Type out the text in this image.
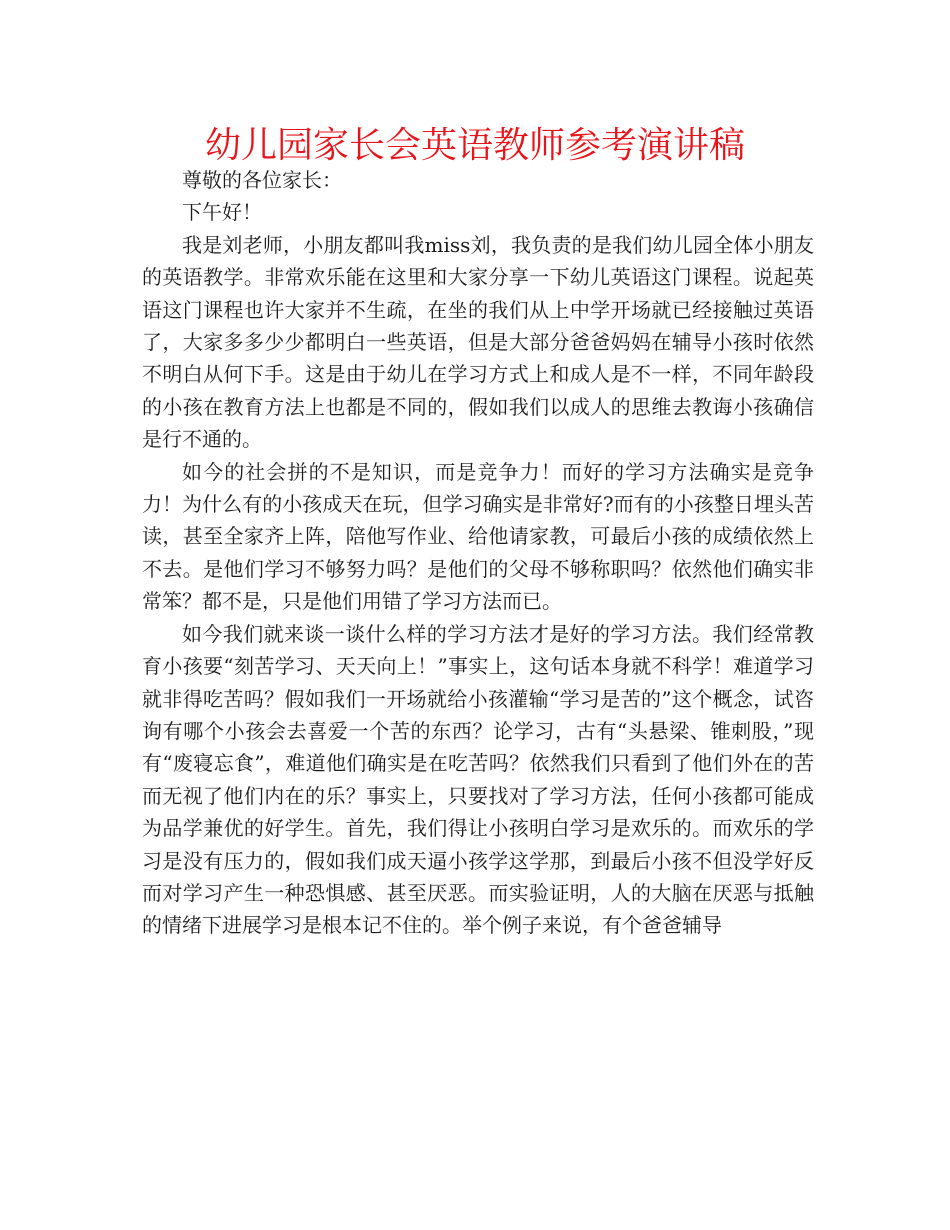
幼儿园家长会英语教师参考演讲稿

尊敬的各位家长：

下午好！

我是刘老师，小朋友都叫我miss刘，我负责的是我们幼儿园全体小朋友的英语教学。非常欢乐能在这里和大家分享一下幼儿英语这门课程。说起英语这门课程也许大家并不生疏，在坐的我们从上中学开场就已经接触过英语了，大家多多少少都明白一些英语，但是大部分爸爸妈妈在辅导小孩时依然不明白从何下手。这是由于幼儿在学习方式上和成人是不一样，不同年龄段的小孩在教育方法上也都是不同的，假如我们以成人的思维去教诲小孩确信是行不通的。

如今的社会拼的不是知识，而是竞争力！而好的学习方法确实是竞争力！为什么有的小孩成天在玩，但学习确实是非常好?而有的小孩整日埋头苦读，甚至全家齐上阵，陪他写作业、给他请家教，可最后小孩的成绩依然上不去。是他们学习不够努力吗？是他们的父母不够称职吗？依然他们确实非常笨？都不是，只是他们用错了学习方法而已。

如今我们就来谈一谈什么样的学习方法才是好的学习方法。我们经常教育小孩要“刻苦学习、天天向上！”事实上，这句话本身就不科学！难道学习就非得吃苦吗？假如我们一开场就给小孩灌输“学习是苦的”这个概念，试咨询有哪个小孩会去喜爱一个苦的东西？论学习，古有“头悬梁、锥刺股，”现有“废寝忘食”，难道他们确实是在吃苦吗？依然我们只看到了他们外在的苦而无视了他们内在的乐？事实上，只要找对了学习方法，任何小孩都可能成为品学兼优的好学生。首先，我们得让小孩明白学习是欢乐的。而欢乐的学习是没有压力的，假如我们成天逼小孩学这学那，到最后小孩不但没学好反而对学习产生一种恐惧感、甚至厌恶。而实验证明，人的大脑在厌恶与抵触的情绪下进展学习是根本记不住的。举个例子来说，有个爸爸辅导
